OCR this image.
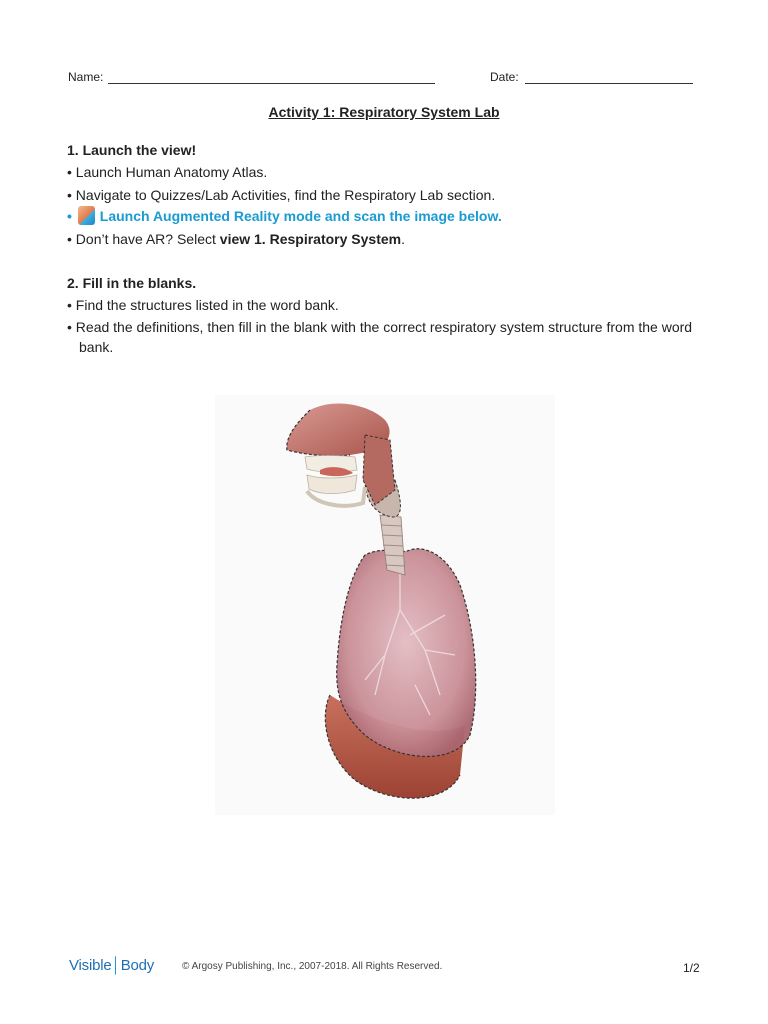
Name:	Date:
Activity 1: Respiratory System Lab
1. Launch the view!
• Launch Human Anatomy Atlas.
• Navigate to Quizzes/Lab Activities, find the Respiratory Lab section.
• Launch Augmented Reality mode and scan the image below.
• Don’t have AR? Select view 1. Respiratory System.
2. Fill in the blanks.
• Find the structures listed in the word bank.
• Read the definitions, then fill in the blank with the correct respiratory system structure from the word bank.
Visible│Body	© Argosy Publishing, Inc., 2007-2018. All Rights Reserved.	1/2
